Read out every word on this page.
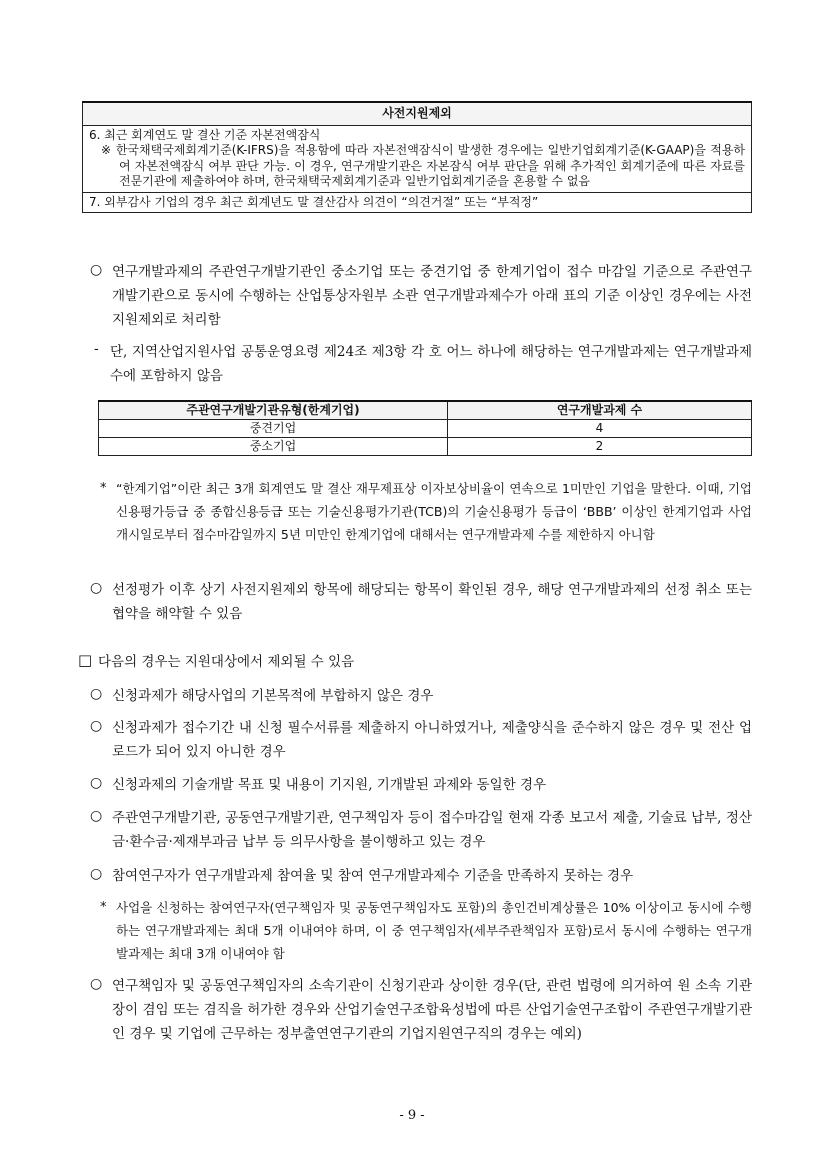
사전지원제외

6. 최근 회계연도 말 결산 기준 자본전액잠식
※ 한국채택국제회계기준(K-IFRS)을 적용함에 따라 자본전액잠식이 발생한 경우에는 일반기업회계기준(K-GAAP)을 적용하여 자본전액잠식 여부 판단 가능. 이 경우, 연구개발기관은 자본잠식 여부 판단을 위해 추가적인 회계기준에 따른 자료를 전문기관에 제출하여야 하며, 한국채택국제회계기준과 일반기업회계기준을 혼용할 수 없음

7. 외부감사 기업의 경우 최근 회계년도 말 결산감사 의견이 “의견거절” 또는 “부적정”
○ 연구개발과제의 주관연구개발기관인 중소기업 또는 중견기업 중 한계기업이 접수 마감일 기준으로 주관연구개발기관으로 동시에 수행하는 산업통상자원부 소관 연구개발과제수가 아래 표의 기준 이상인 경우에는 사전지원제외로 처리함
- 단, 지역산업지원사업 공통운영요령 제24조 제3항 각 호 어느 하나에 해당하는 연구개발과제는 연구개발과제 수에 포함하지 않음
주관연구개발기관유형(한계기업)	연구개발과제 수
중견기업	4
중소기업	2
* “한계기업”이란 최근 3개 회계연도 말 결산 재무제표상 이자보상비율이 연속으로 1미만인 기업을 말한다. 이때, 기업신용평가등급 중 종합신용등급 또는 기술신용평가기관(TCB)의 기술신용평가 등급이 ‘BBB’ 이상인 한계기업과 사업개시일로부터 접수마감일까지 5년 미만인 한계기업에 대해서는 연구개발과제 수를 제한하지 아니함
○ 선정평가 이후 상기 사전지원제외 항목에 해당되는 항목이 확인된 경우, 해당 연구개발과제의 선정 취소 또는 협약을 해약할 수 있음
□ 다음의 경우는 지원대상에서 제외될 수 있음
○ 신청과제가 해당사업의 기본목적에 부합하지 않은 경우
○ 신청과제가 접수기간 내 신청 필수서류를 제출하지 아니하였거나, 제출양식을 준수하지 않은 경우 및 전산 업로드가 되어 있지 아니한 경우
○ 신청과제의 기술개발 목표 및 내용이 기지원, 기개발된 과제와 동일한 경우
○ 주관연구개발기관, 공동연구개발기관, 연구책임자 등이 접수마감일 현재 각종 보고서 제출, 기술료 납부, 정산금·환수금·제재부과금 납부 등 의무사항을 불이행하고 있는 경우
○ 참여연구자가 연구개발과제 참여율 및 참여 연구개발과제수 기준을 만족하지 못하는 경우
* 사업을 신청하는 참여연구자(연구책임자 및 공동연구책임자도 포함)의 총인건비계상률은 10% 이상이고 동시에 수행하는 연구개발과제는 최대 5개 이내여야 하며, 이 중 연구책임자(세부주관책임자 포함)로서 동시에 수행하는 연구개발과제는 최대 3개 이내여야 함
○ 연구책임자 및 공동연구책임자의 소속기관이 신청기관과 상이한 경우(단, 관련 법령에 의거하여 원 소속 기관장이 겸임 또는 겸직을 허가한 경우와 산업기술연구조합육성법에 따른 산업기술연구조합이 주관연구개발기관인 경우 및 기업에 근무하는 정부출연연구기관의 기업지원연구직의 경우는 예외)
- 9 -
